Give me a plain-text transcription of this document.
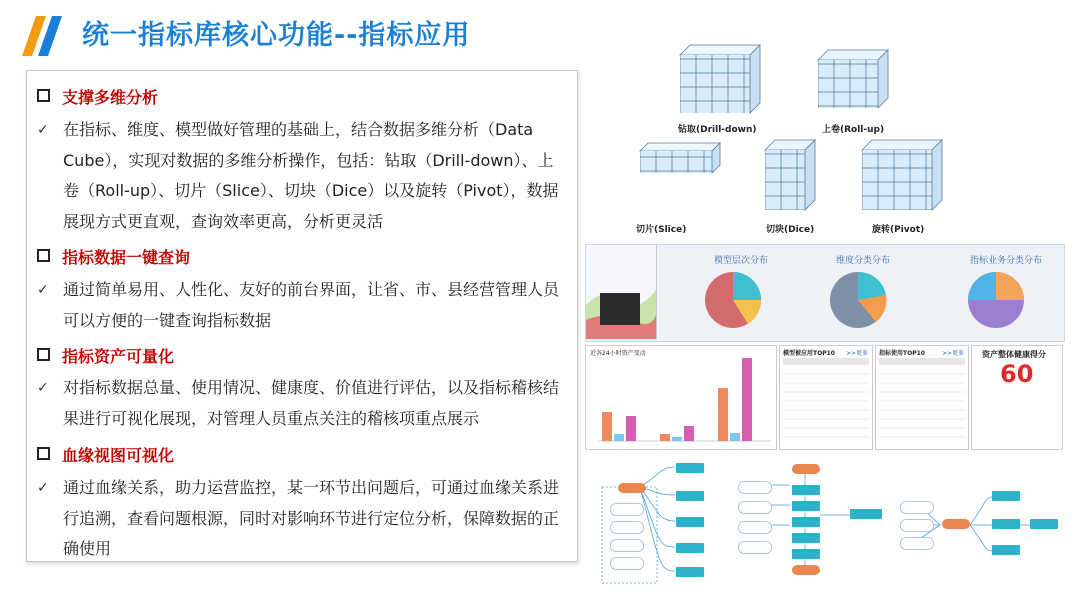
统一指标库核心功能--指标应用
支撑多维分析
✓ 在指标、维度、模型做好管理的基础上，结合数据多维分析（Data Cube），实现对数据的多维分析操作，包括：钻取（Drill-down）、上卷（Roll-up）、切片（Slice）、切块（Dice）以及旋转（Pivot），数据展现方式更直观，查询效率更高，分析更灵活
指标数据一键查询
✓ 通过简单易用、人性化、友好的前台界面，让省、市、县经营管理人员可以方便的一键查询指标数据
指标资产可量化
✓ 对指标数据总量、使用情况、健康度、价值进行评估，以及指标稽核结果进行可视化展现，对管理人员重点关注的稽核项重点展示
血缘视图可视化
✓ 通过血缘关系，助力运营监控，某一环节出问题后，可通过血缘关系进行追溯，查看问题根源，同时对影响环节进行定位分析，保障数据的正确使用
钻取(Drill-down)	上卷(Roll-up)
切片(Slice)	切块(Dice)	旋转(Pivot)
模型层次分布	维度分类分布	指标业务分类分布
近各24小时资产变动	模型被应用TOP10 >>更多 指标使用TOP10	>>更多 资产整体健康得分
60
